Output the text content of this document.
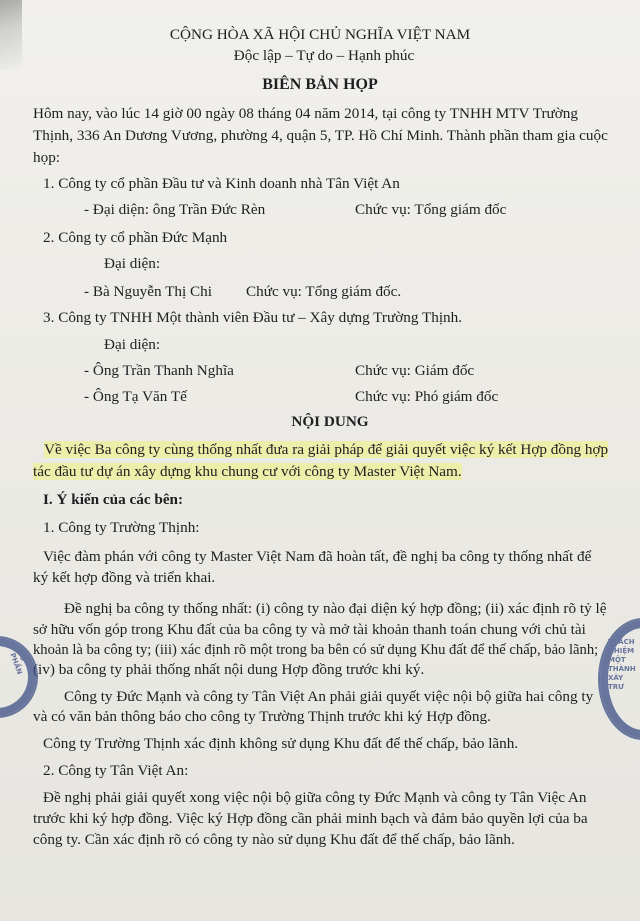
CỘNG HÒA XÃ HỘI CHỦ NGHĨA VIỆT NAM
Độc lập – Tự do – Hạnh phúc
BIÊN BẢN HỌP
Hôm nay, vào lúc 14 giờ 00 ngày 08 tháng 04 năm 2014, tại công ty TNHH MTV Trường
Thịnh, 336 An Dương Vương, phường 4, quận 5, TP. Hồ Chí Minh. Thành phần tham gia cuộc
họp:
1. Công ty cổ phần Đầu tư và Kinh doanh nhà Tân Việt An
- Đại diện: ông Trần Đức Rèn	Chức vụ: Tổng giám đốc
2. Công ty cổ phần Đức Mạnh
Đại diện:
- Bà Nguyễn Thị Chi Chức vụ: Tổng giám đốc.
3. Công ty TNHH Một thành viên Đầu tư – Xây dựng Trường Thịnh.
Đại diện:
- Ông Trần Thanh Nghĩa	Chức vụ: Giám đốc
- Ông Tạ Văn Tế	Chức vụ: Phó giám đốc
NỘI DUNG
Về việc Ba công ty cùng thống nhất đưa ra giải pháp để giải quyết việc ký kết Hợp đồng hợp
tác đầu tư dự án xây dựng khu chung cư với công ty Master Việt Nam.
I. Ý kiến của các bên:
1. Công ty Trường Thịnh:
Việc đàm phán với công ty Master Việt Nam đã hoàn tất, đề nghị ba công ty thống nhất để
ký kết hợp đồng và triển khai.
Đề nghị ba công ty thống nhất: (i) công ty nào đại diện ký hợp đồng; (ii) xác định rõ tỷ lệ
sở hữu vốn góp trong Khu đất của ba công ty và mở tài khoản thanh toán chung với chủ tài
khoản là ba công ty; (iii) xác định rõ một trong ba bên có sử dụng Khu đất để thế chấp, bảo lãnh;
(iv) ba công ty phải thống nhất nội dung Hợp đồng trước khi ký.
Công ty Đức Mạnh và công ty Tân Việt An phải giải quyết việc nội bộ giữa hai công ty
và có văn bản thông báo cho công ty Trường Thịnh trước khi ký Hợp đồng.
Công ty Trường Thịnh xác định không sử dụng Khu đất để thế chấp, bảo lãnh.
2. Công ty Tân Việt An:
Đề nghị phải giải quyết xong việc nội bộ giữa công ty Đức Mạnh và công ty Tân Việc An
trước khi ký hợp đồng. Việc ký Hợp đồng cần phải minh bạch và đảm bảo quyền lợi của ba
công ty. Cần xác định rõ có công ty nào sử dụng Khu đất để thế chấp, bảo lãnh.
CỔ PHẦN
TRÁCH NHIỆM MỘT THÀNH XÂY TRƯ
